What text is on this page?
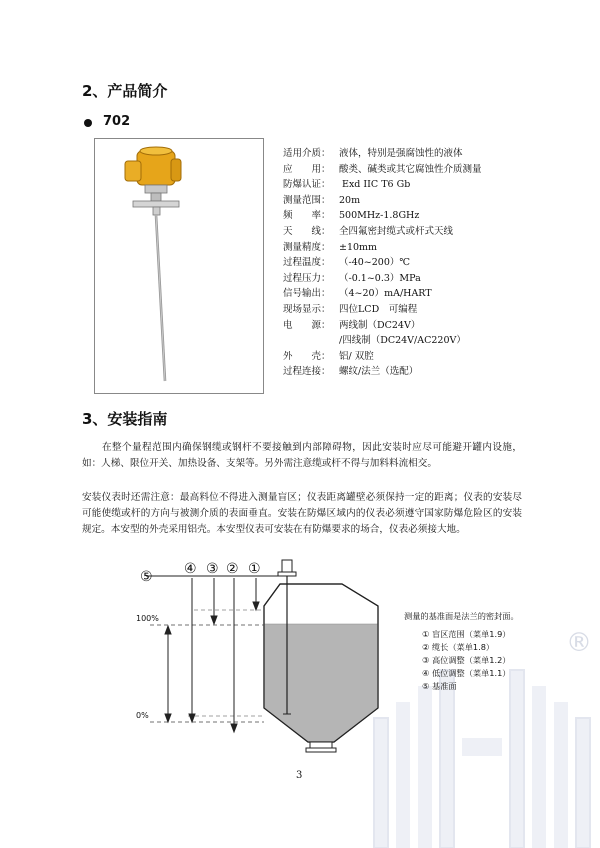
2、产品简介
702
适用介质： 液体，特别是强腐蚀性的液体
应　　用： 酸类、碱类或其它腐蚀性介质测量
防爆认证： Exd IIC T6 Gb
测量范围： 20m
频　　率： 500MHz-1.8GHz
天　　线： 全四氟密封缆式或杆式天线
测量精度： ±10mm
过程温度： （-40~200）℃
过程压力： （-0.1~0.3）MPa
信号输出： （4~20）mA/HART
现场显示： 四位LCD　可编程
电　　源： 两线制（DC24V）
/四线制（DC24V/AC220V）
外　　壳： 铝/ 双腔
过程连接： 螺纹/法兰（选配）
3、安装指南
　　在整个量程范围内确保钢缆或钢杆不要接触到内部障碍物，因此安装时应尽可能避开罐内设施，如：人梯、限位开关、加热设备、支架等。另外需注意缆或杆不得与加料料流相交。
安装仪表时还需注意：最高料位不得进入测量盲区；仪表距离罐壁必须保持一定的距离；仪表的安装尽可能使缆或杆的方向与被测介质的表面垂直。安装在防爆区域内的仪表必须遵守国家防爆危险区的安装规定。本安型的外壳采用铝壳。本安型仪表可安装在有防爆要求的场合，仪表必须接大地。
®
⑤ ④ ③ ② ①
100%
0%
测量的基准面是法兰的密封面。
① 盲区范围（菜单1.9）
② 缆长（菜单1.8）
③ 高位调整（菜单1.2）
④ 低位调整（菜单1.1）
⑤ 基准面
3
